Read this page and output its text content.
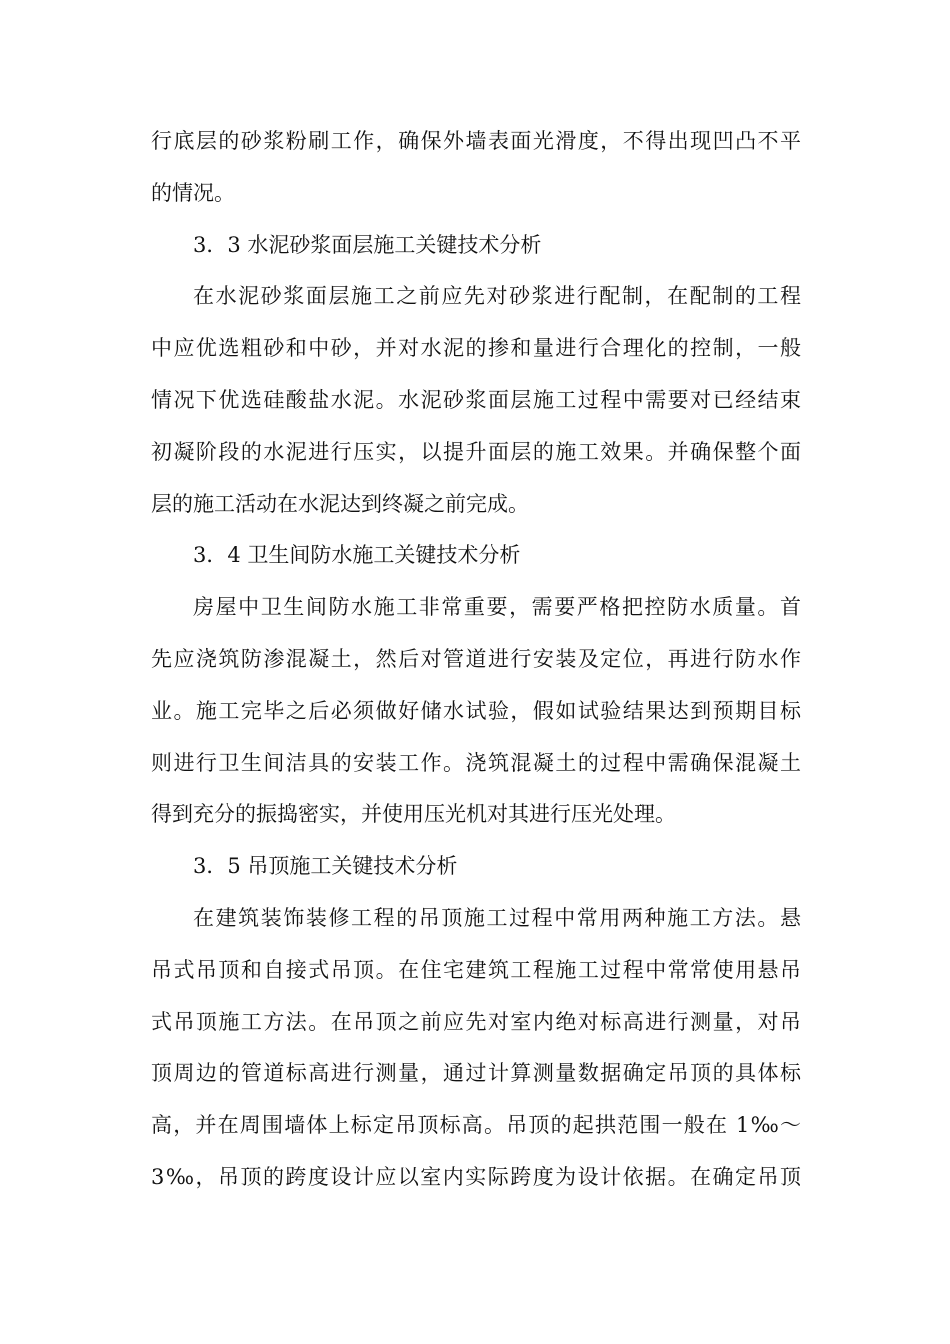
行底层的砂浆粉刷工作，确保外墙表面光滑度，不得出现凹凸不平
的情况。
3．3 水泥砂浆面层施工关键技术分析
在水泥砂浆面层施工之前应先对砂浆进行配制，在配制的工程
中应优选粗砂和中砂，并对水泥的掺和量进行合理化的控制，一般
情况下优选硅酸盐水泥。水泥砂浆面层施工过程中需要对已经结束
初凝阶段的水泥进行压实，以提升面层的施工效果。并确保整个面
层的施工活动在水泥达到终凝之前完成。
3．4 卫生间防水施工关键技术分析
房屋中卫生间防水施工非常重要，需要严格把控防水质量。首
先应浇筑防渗混凝土，然后对管道进行安装及定位，再进行防水作
业。施工完毕之后必须做好储水试验，假如试验结果达到预期目标
则进行卫生间洁具的安装工作。浇筑混凝土的过程中需确保混凝土
得到充分的振捣密实，并使用压光机对其进行压光处理。
3．5 吊顶施工关键技术分析
在建筑装饰装修工程的吊顶施工过程中常用两种施工方法。悬
吊式吊顶和自接式吊顶。在住宅建筑工程施工过程中常常使用悬吊
式吊顶施工方法。在吊顶之前应先对室内绝对标高进行测量，对吊
顶周边的管道标高进行测量，通过计算测量数据确定吊顶的具体标
高，并在周围墙体上标定吊顶标高。吊顶的起拱范围一般在 1‰～
3‰，吊顶的跨度设计应以室内实际跨度为设计依据。在确定吊顶
